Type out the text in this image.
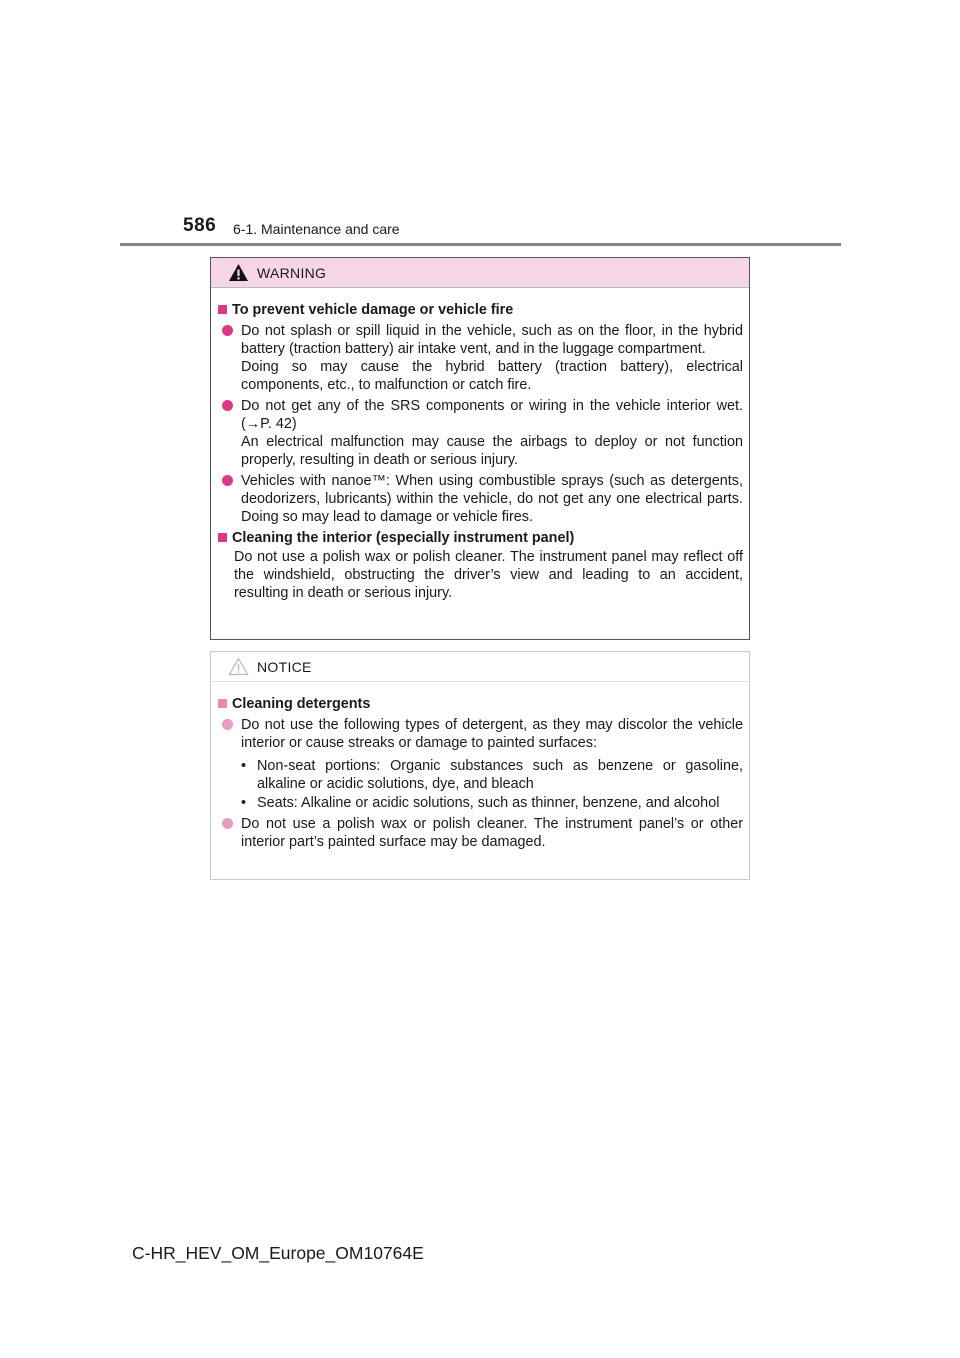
586 6-1. Maintenance and care
WARNING
To prevent vehicle damage or vehicle fire

Do not splash or spill liquid in the vehicle, such as on the floor, in the hybrid battery (traction battery) air intake vent, and in the luggage compartment.

Doing so may cause the hybrid battery (traction battery), electrical components, etc., to malfunction or catch fire.

Do not get any of the SRS components or wiring in the vehicle interior wet. (→P. 42)

An electrical malfunction may cause the airbags to deploy or not function properly, resulting in death or serious injury.

Vehicles with nanoe™: When using combustible sprays (such as detergents, deodorizers, lubricants) within the vehicle, do not get any one electrical parts. Doing so may lead to damage or vehicle fires.

Cleaning the interior (especially instrument panel)
Do not use a polish wax or polish cleaner. The instrument panel may reflect off the windshield, obstructing the driver’s view and leading to an accident, resulting in death or serious injury.
NOTICE
Cleaning detergents

Do not use the following types of detergent, as they may discolor the vehicle interior or cause streaks or damage to painted surfaces:

• Non-seat portions: Organic substances such as benzene or gasoline, alkaline or acidic solutions, dye, and bleach
• Seats: Alkaline or acidic solutions, such as thinner, benzene, and alcohol

Do not use a polish wax or polish cleaner. The instrument panel’s or other interior part’s painted surface may be damaged.

C-HR_HEV_OM_Europe_OM10764E
